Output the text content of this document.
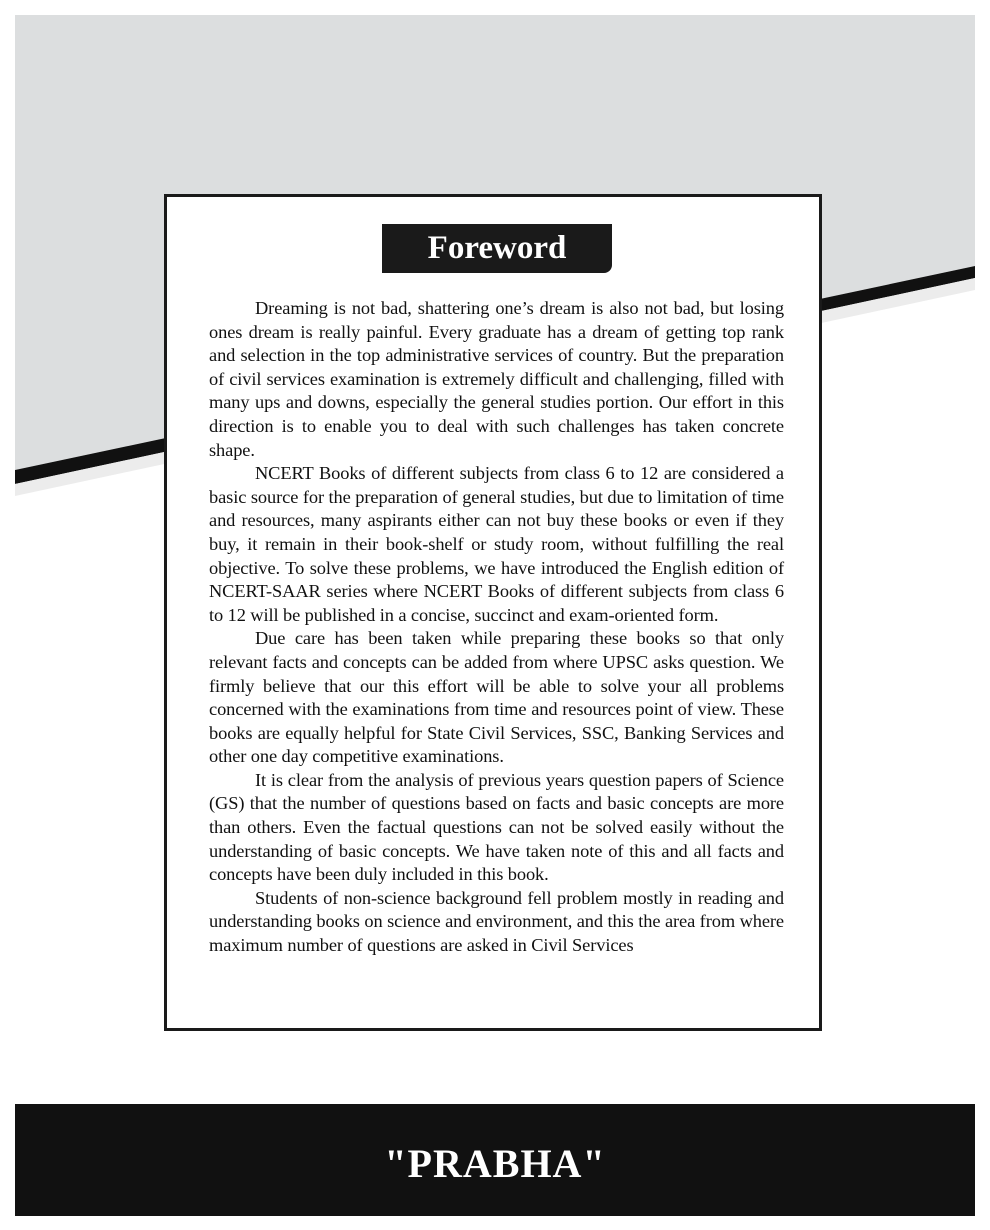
Foreword

Dreaming is not bad, shattering one’s dream is also not bad, but losing ones dream is really painful. Every graduate has a dream of getting top rank and selection in the top administrative services of country. But the preparation of civil services examination is extremely difficult and challenging, filled with many ups and downs, especially the general studies portion. Our effort in this direction is to enable you to deal with such challenges has taken concrete shape.

NCERT Books of different subjects from class 6 to 12 are considered a basic source for the preparation of general studies, but due to limitation of time and resources, many aspirants either can not buy these books or even if they buy, it remain in their book-shelf or study room, without fulfilling the real objective. To solve these problems, we have introduced the English edition of NCERT-SAAR series where NCERT Books of different subjects from class 6 to 12 will be published in a concise, succinct and exam-oriented form.

Due care has been taken while preparing these books so that only relevant facts and concepts can be added from where UPSC asks question. We firmly believe that our this effort will be able to solve your all problems concerned with the examinations from time and resources point of view. These books are equally helpful for State Civil Services, SSC, Banking Services and other one day competitive examinations.

It is clear from the analysis of previous years question papers of Science (GS) that the number of questions based on facts and basic concepts are more than others. Even the factual questions can not be solved easily without the understanding of basic concepts. We have taken note of this and all facts and concepts have been duly included in this book.

Students of non-science background fell problem mostly in reading and understanding books on science and environment, and this the area from where maximum number of questions are asked in Civil Services

"PRABHA"
